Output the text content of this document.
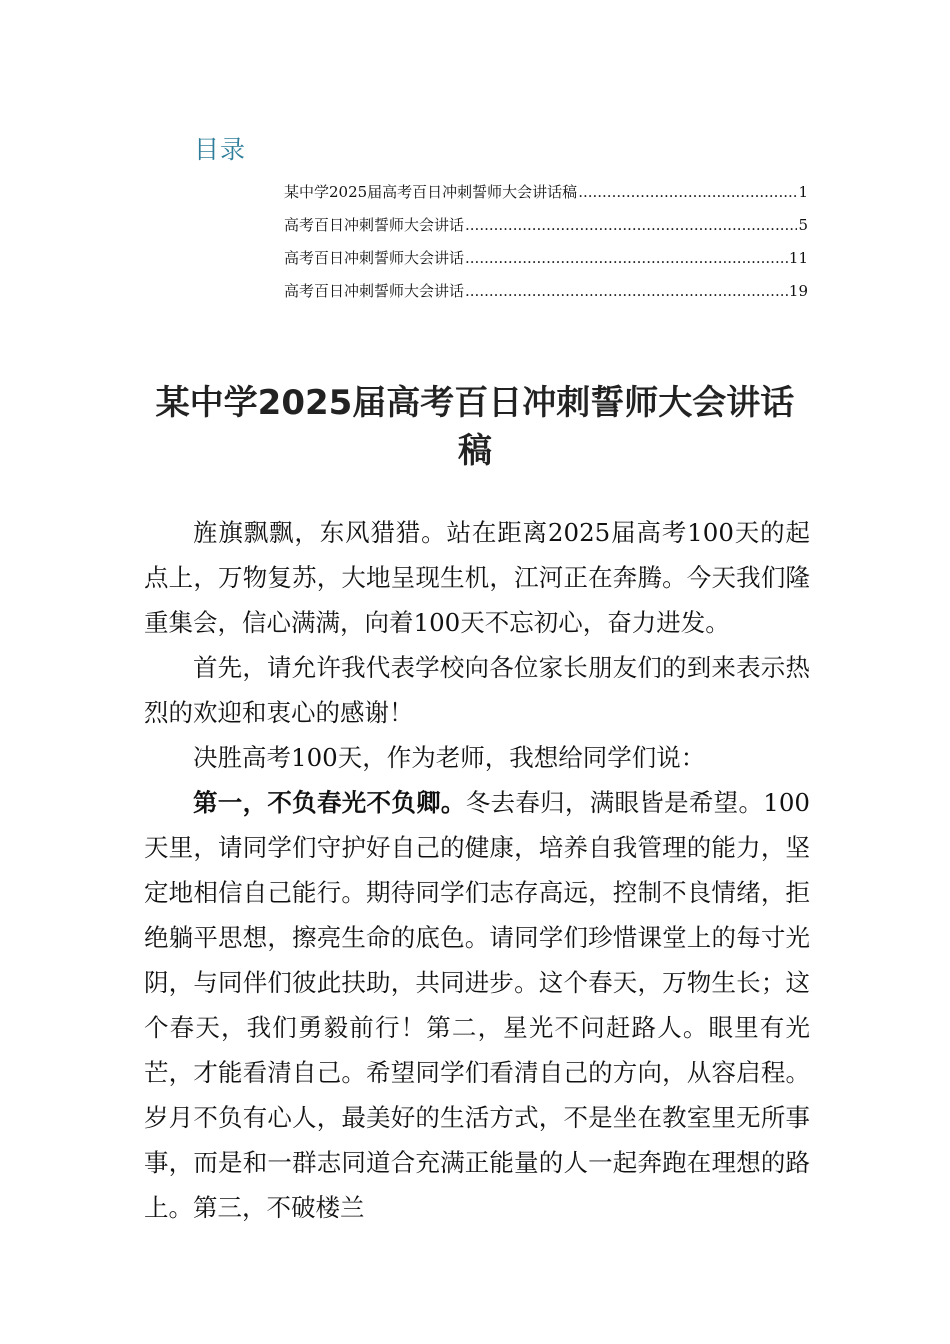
目录
某中学2025届高考百日冲刺誓师大会讲话稿 .....	1
高考百日冲刺誓师大会讲话 .....	5
高考百日冲刺誓师大会讲话 .....	11
高考百日冲刺誓师大会讲话 .....	19
某中学2025届高考百日冲刺誓师大会讲话稿

旌旗飘飘，东风猎猎。站在距离2025届高考100天的起点上，万物复苏，大地呈现生机，江河正在奔腾。今天我们隆重集会，信心满满，向着100天不忘初心，奋力进发。

首先，请允许我代表学校向各位家长朋友们的到来表示热烈的欢迎和衷心的感谢！

决胜高考100天，作为老师，我想给同学们说：

第一，不负春光不负卿。冬去春归，满眼皆是希望。100天里，请同学们守护好自己的健康，培养自我管理的能力，坚定地相信自己能行。期待同学们志存高远，控制不良情绪，拒绝躺平思想，擦亮生命的底色。请同学们珍惜课堂上的每寸光阴，与同伴们彼此扶助，共同进步。这个春天，万物生长；这个春天，我们勇毅前行！第二，星光不问赶路人。眼里有光芒，才能看清自己。希望同学们看清自己的方向，从容启程。岁月不负有心人，最美好的生活方式，不是坐在教室里无所事事，而是和一群志同道合充满正能量的人一起奔跑在理想的路上。第三，不破楼兰
